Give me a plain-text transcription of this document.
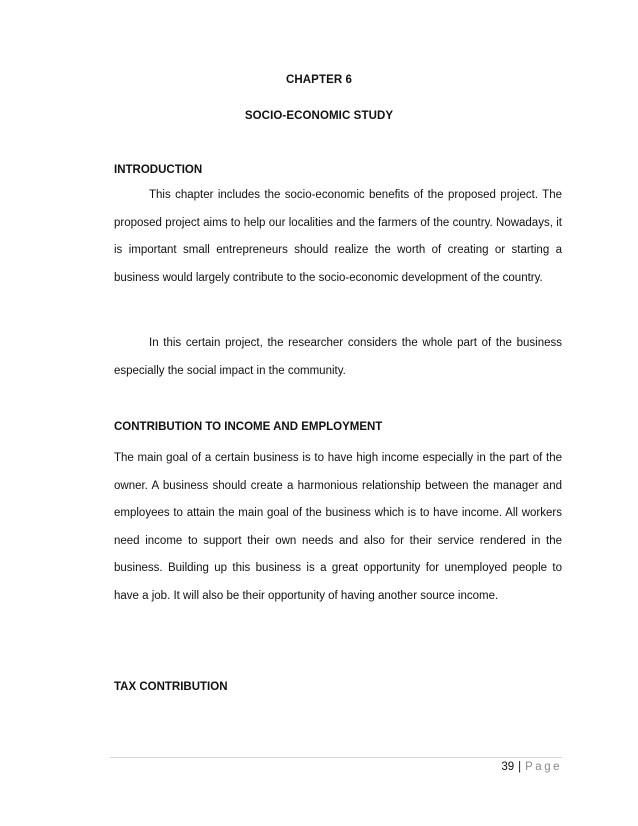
CHAPTER 6
SOCIO-ECONOMIC STUDY
INTRODUCTION
This chapter includes the socio-economic benefits of the proposed project. The proposed project aims to help our localities and the farmers of the country. Nowadays, it is important small entrepreneurs should realize the worth of creating or starting a business would largely contribute to the socio-economic development of the country.
In this certain project, the researcher considers the whole part of the business especially the social impact in the community.
CONTRIBUTION TO INCOME AND EMPLOYMENT
The main goal of a certain business is to have high income especially in the part of the owner. A business should create a harmonious relationship between the manager and employees to attain the main goal of the business which is to have income. All workers need income to support their own needs and also for their service rendered in the business. Building up this business is a great opportunity for unemployed people to have a job. It will also be their opportunity of having another source income.
TAX CONTRIBUTION
39 | Page
